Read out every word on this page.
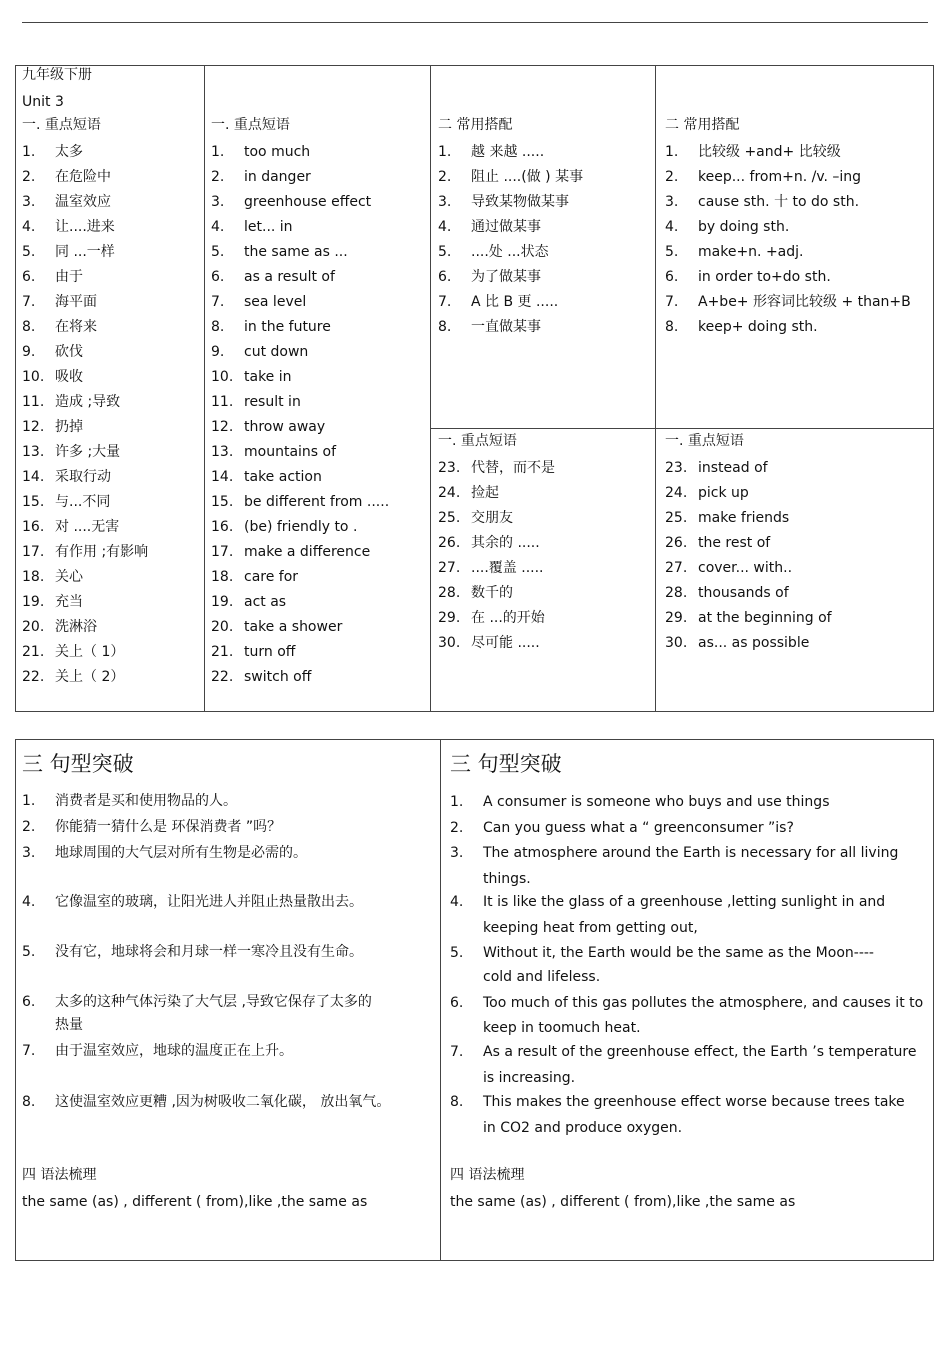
九年级下册
Unit 3
一. 重点短语
1. 太多
2. 在危险中
3. 温室效应
4. 让....进来
5. 同 ...一样
6. 由于
7. 海平面
8. 在将来
9. 砍伐
10. 吸收
11. 造成 ;导致
12. 扔掉
13. 许多 ;大量
14. 采取行动
15. 与...不同
16. 对 ....无害
17. 有作用 ;有影响
18. 关心
19. 充当
20. 洗淋浴
21. 关上（ 1）
22. 关上（ 2）
一. 重点短语
1. too much
2. in danger
3. greenhouse effect
4. let... in
5. the same as ...
6. as a result of
7. sea level
8. in the future
9. cut down
10. take in
11. result in
12. throw away
13. mountains of
14. take action
15. be different from .....
16. (be) friendly to .
17. make a difference
18. care for
19. act as
20. take a shower
21. turn off
22. switch off
二 常用搭配
1. 越 来越 .....
2. 阻止 ....(做 ) 某事
3. 导致某物做某事
4. 通过做某事
5. ....处 ...状态
6. 为了做某事
7. A 比 B 更 .....
8. 一直做某事
一. 重点短语
23. 代替，而不是
24. 捡起
25. 交朋友
26. 其余的 .....
27. ....覆盖 .....
28. 数千的
29. 在 ...的开始
30. 尽可能 .....
二 常用搭配
1. 比较级 +and+ 比较级
2. keep... from+n. /v. –ing
3. cause sth. 十 to do sth.
4. by doing sth.
5. make+n. +adj.
6. in order to+do sth.
7. A+be+ 形容词比较级 + than+B
8. keep+ doing sth.
一. 重点短语
23. instead of
24. pick up
25. make friends
26. the rest of
27. cover... with..
28. thousands of
29. at the beginning of
30. as... as possible
三 句型突破
1. 消费者是买和使用物品的人。
2. 你能猜一猜什么是 环保消费者 ”吗？
3. 地球周围的大气层对所有生物是必需的。
4. 它像温室的玻璃，让阳光进人并阻止热量散出去。
5. 没有它，地球将会和月球一样一寒冷且没有生命。
6. 太多的这种气体污染了大气层 ,导致它保存了太多的
热量
7. 由于温室效应，地球的温度正在上升。
8. 这使温室效应更糟 ,因为树吸收二氧化碳， 放出氧气。
四 语法梳理
the same (as) , different ( from),like ,the same as
三 句型突破
1. A consumer is someone who buys and use things
2. Can you guess what a “ greenconsumer ”is?
3. The atmosphere around the Earth is necessary for all living
things.
4. It is like the glass of a greenhouse ,letting sunlight in and
keeping heat from getting out,
5. Without it, the Earth would be the same as the Moon----
cold and lifeless.
6. Too much of this gas pollutes the atmosphere, and causes it to
keep in toomuch heat.
7. As a result of the greenhouse effect, the Earth ’s temperature
is increasing.
8. This makes the greenhouse effect worse because trees take
in CO2 and produce oxygen.
四 语法梳理
the same (as) , different ( from),like ,the same as
